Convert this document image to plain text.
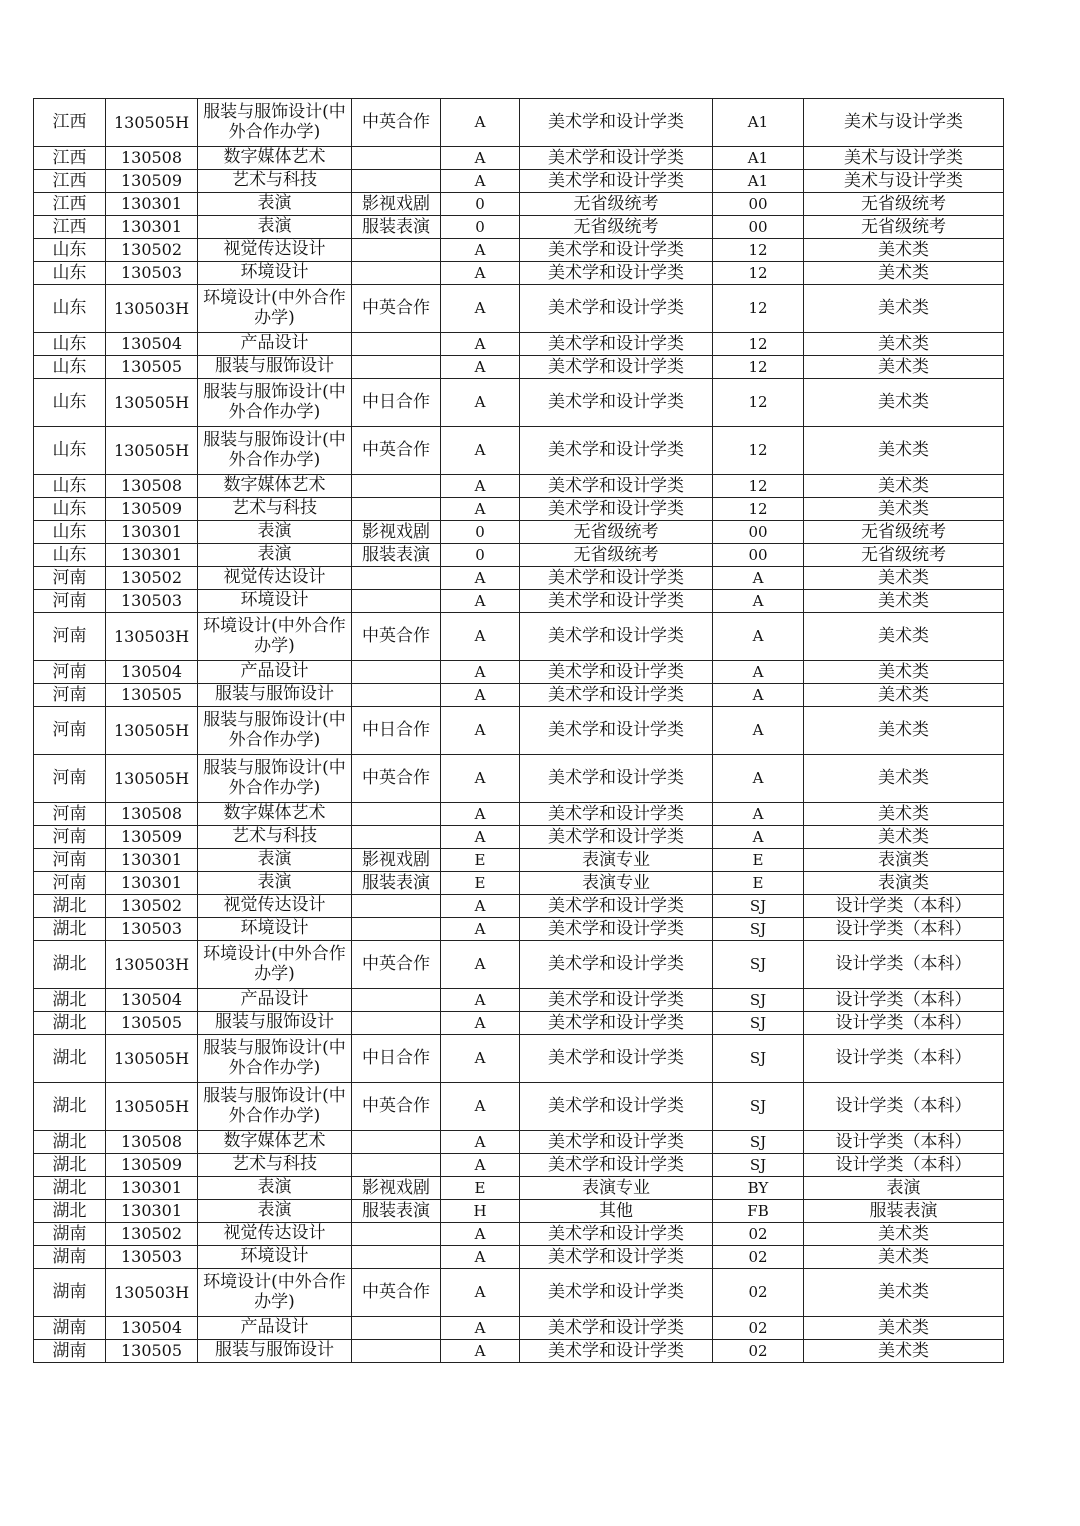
江西	130505H	服装与服饰设计(中外合作办学)	中英合作	A	美术学和设计学类	A1	美术与设计学类
江西	130508	数字媒体艺术		A	美术学和设计学类	A1	美术与设计学类
江西	130509	艺术与科技		A	美术学和设计学类	A1	美术与设计学类
江西	130301	表演	影视戏剧	0	无省级统考	00	无省级统考
江西	130301	表演	服装表演	0	无省级统考	00	无省级统考
山东	130502	视觉传达设计		A	美术学和设计学类	12	美术类
山东	130503	环境设计		A	美术学和设计学类	12	美术类
山东	130503H	环境设计(中外合作办学)	中英合作	A	美术学和设计学类	12	美术类
山东	130504	产品设计		A	美术学和设计学类	12	美术类
山东	130505	服装与服饰设计		A	美术学和设计学类	12	美术类
山东	130505H	服装与服饰设计(中外合作办学)	中日合作	A	美术学和设计学类	12	美术类
山东	130505H	服装与服饰设计(中外合作办学)	中英合作	A	美术学和设计学类	12	美术类
山东	130508	数字媒体艺术		A	美术学和设计学类	12	美术类
山东	130509	艺术与科技		A	美术学和设计学类	12	美术类
山东	130301	表演	影视戏剧	0	无省级统考	00	无省级统考
山东	130301	表演	服装表演	0	无省级统考	00	无省级统考
河南	130502	视觉传达设计		A	美术学和设计学类	A	美术类
河南	130503	环境设计		A	美术学和设计学类	A	美术类
河南	130503H	环境设计(中外合作办学)	中英合作	A	美术学和设计学类	A	美术类
河南	130504	产品设计		A	美术学和设计学类	A	美术类
河南	130505	服装与服饰设计		A	美术学和设计学类	A	美术类
河南	130505H	服装与服饰设计(中外合作办学)	中日合作	A	美术学和设计学类	A	美术类
河南	130505H	服装与服饰设计(中外合作办学)	中英合作	A	美术学和设计学类	A	美术类
河南	130508	数字媒体艺术		A	美术学和设计学类	A	美术类
河南	130509	艺术与科技		A	美术学和设计学类	A	美术类
河南	130301	表演	影视戏剧	E	表演专业	E	表演类
河南	130301	表演	服装表演	E	表演专业	E	表演类
湖北	130502	视觉传达设计		A	美术学和设计学类	SJ	设计学类（本科）
湖北	130503	环境设计		A	美术学和设计学类	SJ	设计学类（本科）
湖北	130503H	环境设计(中外合作办学)	中英合作	A	美术学和设计学类	SJ	设计学类（本科）
湖北	130504	产品设计		A	美术学和设计学类	SJ	设计学类（本科）
湖北	130505	服装与服饰设计		A	美术学和设计学类	SJ	设计学类（本科）
湖北	130505H	服装与服饰设计(中外合作办学)	中日合作	A	美术学和设计学类	SJ	设计学类（本科）
湖北	130505H	服装与服饰设计(中外合作办学)	中英合作	A	美术学和设计学类	SJ	设计学类（本科）
湖北	130508	数字媒体艺术		A	美术学和设计学类	SJ	设计学类（本科）
湖北	130509	艺术与科技		A	美术学和设计学类	SJ	设计学类（本科）
湖北	130301	表演	影视戏剧	E	表演专业	BY	表演
湖北	130301	表演	服装表演	H	其他	FB	服装表演
湖南	130502	视觉传达设计		A	美术学和设计学类	02	美术类
湖南	130503	环境设计		A	美术学和设计学类	02	美术类
湖南	130503H	环境设计(中外合作办学)	中英合作	A	美术学和设计学类	02	美术类
湖南	130504	产品设计		A	美术学和设计学类	02	美术类
湖南	130505	服装与服饰设计		A	美术学和设计学类	02	美术类
